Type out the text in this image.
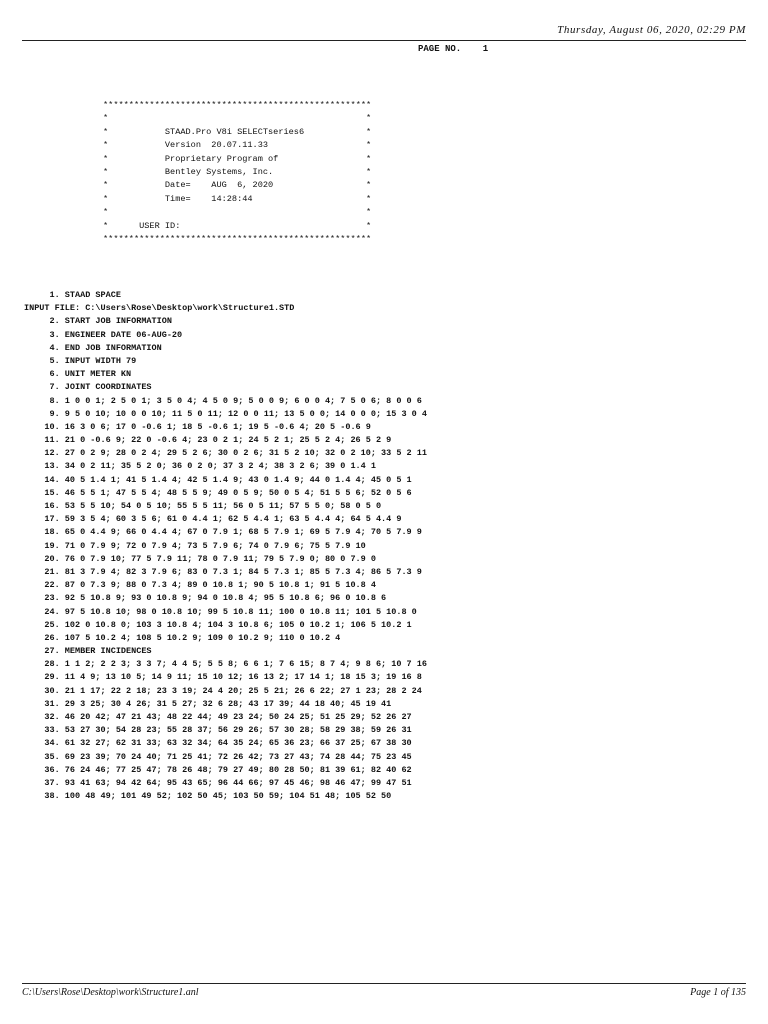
Thursday, August 06, 2020, 02:29 PM
PAGE NO.    1
****************************************************
*                                                  *
*           STAAD.Pro V8i SELECTseries6            *
*           Version  20.07.11.33                   *
*           Proprietary Program of                 *
*           Bentley Systems, Inc.                  *
*           Date=    AUG  6, 2020                  *
*           Time=    14:28:44                      *
*                                                  *
*      USER ID:                                    *
****************************************************
1. STAAD SPACE
INPUT FILE: C:\Users\Rose\Desktop\work\Structure1.STD
2. START JOB INFORMATION
3. ENGINEER DATE 06-AUG-20
4. END JOB INFORMATION
5. INPUT WIDTH 79
6. UNIT METER KN
7. JOINT COORDINATES
8. 1 0 0 1; 2 5 0 1; 3 5 0 4; 4 5 0 9; 5 0 0 9; 6 0 0 4; 7 5 0 6; 8 0 0 6
9. 9 5 0 10; 10 0 0 10; 11 5 0 11; 12 0 0 11; 13 5 0 0; 14 0 0 0; 15 3 0 4
10. 16 3 0 6; 17 0 -0.6 1; 18 5 -0.6 1; 19 5 -0.6 4; 20 5 -0.6 9
11. 21 0 -0.6 9; 22 0 -0.6 4; 23 0 2 1; 24 5 2 1; 25 5 2 4; 26 5 2 9
12. 27 0 2 9; 28 0 2 4; 29 5 2 6; 30 0 2 6; 31 5 2 10; 32 0 2 10; 33 5 2 11
13. 34 0 2 11; 35 5 2 0; 36 0 2 0; 37 3 2 4; 38 3 2 6; 39 0 1.4 1
14. 40 5 1.4 1; 41 5 1.4 4; 42 5 1.4 9; 43 0 1.4 9; 44 0 1.4 4; 45 0 5 1
15. 46 5 5 1; 47 5 5 4; 48 5 5 9; 49 0 5 9; 50 0 5 4; 51 5 5 6; 52 0 5 6
16. 53 5 5 10; 54 0 5 10; 55 5 5 11; 56 0 5 11; 57 5 5 0; 58 0 5 0
17. 59 3 5 4; 60 3 5 6; 61 0 4.4 1; 62 5 4.4 1; 63 5 4.4 4; 64 5 4.4 9
18. 65 0 4.4 9; 66 0 4.4 4; 67 0 7.9 1; 68 5 7.9 1; 69 5 7.9 4; 70 5 7.9 9
19. 71 0 7.9 9; 72 0 7.9 4; 73 5 7.9 6; 74 0 7.9 6; 75 5 7.9 10
20. 76 0 7.9 10; 77 5 7.9 11; 78 0 7.9 11; 79 5 7.9 0; 80 0 7.9 0
21. 81 3 7.9 4; 82 3 7.9 6; 83 0 7.3 1; 84 5 7.3 1; 85 5 7.3 4; 86 5 7.3 9
22. 87 0 7.3 9; 88 0 7.3 4; 89 0 10.8 1; 90 5 10.8 1; 91 5 10.8 4
23. 92 5 10.8 9; 93 0 10.8 9; 94 0 10.8 4; 95 5 10.8 6; 96 0 10.8 6
24. 97 5 10.8 10; 98 0 10.8 10; 99 5 10.8 11; 100 0 10.8 11; 101 5 10.8 0
25. 102 0 10.8 0; 103 3 10.8 4; 104 3 10.8 6; 105 0 10.2 1; 106 5 10.2 1
26. 107 5 10.2 4; 108 5 10.2 9; 109 0 10.2 9; 110 0 10.2 4
27. MEMBER INCIDENCES
28. 1 1 2; 2 2 3; 3 3 7; 4 4 5; 5 5 8; 6 6 1; 7 6 15; 8 7 4; 9 8 6; 10 7 16
29. 11 4 9; 13 10 5; 14 9 11; 15 10 12; 16 13 2; 17 14 1; 18 15 3; 19 16 8
30. 21 1 17; 22 2 18; 23 3 19; 24 4 20; 25 5 21; 26 6 22; 27 1 23; 28 2 24
31. 29 3 25; 30 4 26; 31 5 27; 32 6 28; 43 17 39; 44 18 40; 45 19 41
32. 46 20 42; 47 21 43; 48 22 44; 49 23 24; 50 24 25; 51 25 29; 52 26 27
33. 53 27 30; 54 28 23; 55 28 37; 56 29 26; 57 30 28; 58 29 38; 59 26 31
34. 61 32 27; 62 31 33; 63 32 34; 64 35 24; 65 36 23; 66 37 25; 67 38 30
35. 69 23 39; 70 24 40; 71 25 41; 72 26 42; 73 27 43; 74 28 44; 75 23 45
36. 76 24 46; 77 25 47; 78 26 48; 79 27 49; 80 28 50; 81 39 61; 82 40 62
37. 93 41 63; 94 42 64; 95 43 65; 96 44 66; 97 45 46; 98 46 47; 99 47 51
38. 100 48 49; 101 49 52; 102 50 45; 103 50 59; 104 51 48; 105 52 50
C:\Users\Rose\Desktop\work\Structure1.anl	Page 1 of 135
